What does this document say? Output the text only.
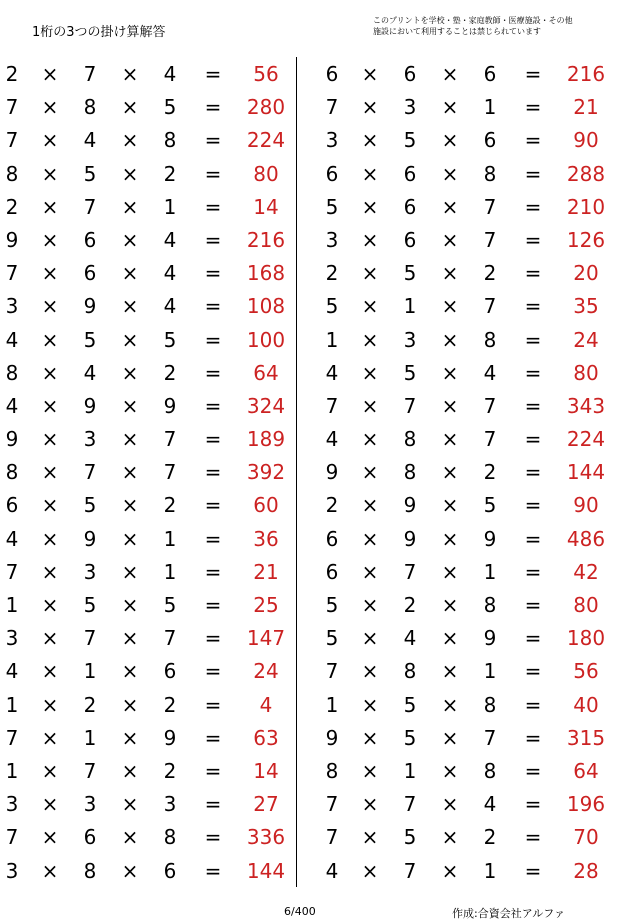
1桁の3つの掛け算解答
このプリントを学校・塾・家庭教師・医療施設・その他
施設において利用することは禁じられています
2 × 7 × 4 =	56
7 × 8 × 5 =	280
7 × 4 × 8 =	224
8 × 5 × 2 =	80
2 × 7 × 1 =	14
9 × 6 × 4 =	216
7 × 6 × 4 =	168
3 × 9 × 4 =	108
4 × 5 × 5 =	100
8 × 4 × 2 =	64
4 × 9 × 9 =	324
9 × 3 × 7 =	189
8 × 7 × 7 =	392
6 × 5 × 2 =	60
4 × 9 × 1 =	36
7 × 3 × 1 =	21
1 × 5 × 5 =	25
3 × 7 × 7 =	147
4 × 1 × 6 =	24
1 × 2 × 2 =	4
7 × 1 × 9 =	63
1 × 7 × 2 =	14
3 × 3 × 3 =	27
7 × 6 × 8 =	336
3 × 8 × 6 =	144
6 × 6 × 6 =	216
7 × 3 × 1 =	21
3 × 5 × 6 =	90
6 × 6 × 8 =	288
5 × 6 × 7 =	210
3 × 6 × 7 =	126
2 × 5 × 2 =	20
5 × 1 × 7 =	35
1 × 3 × 8 =	24
4 × 5 × 4 =	80
7 × 7 × 7 =	343
4 × 8 × 7 =	224
9 × 8 × 2 =	144
2 × 9 × 5 =	90
6 × 9 × 9 =	486
6 × 7 × 1 =	42
5 × 2 × 8 =	80
5 × 4 × 9 =	180
7 × 8 × 1 =	56
1 × 5 × 8 =	40
9 × 5 × 7 =	315
8 × 1 × 8 =	64
7 × 7 × 4 =	196
7 × 5 × 2 =	70
4 × 7 × 1 =	28
6/400	作成:合資会社アルファ
